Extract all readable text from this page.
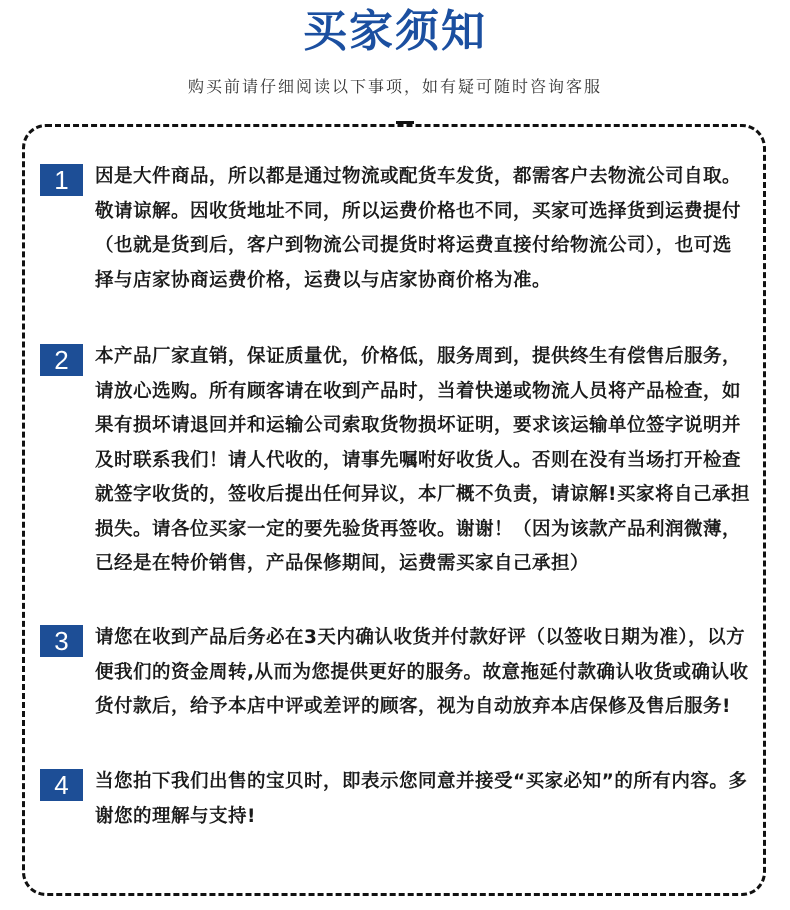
买家须知
购买前请仔细阅读以下事项，如有疑可随时咨询客服
1	因是大件商品，所以都是通过物流或配货车发货，都需客户去物流公司自取。敬请谅解。因收货地址不同，所以运费价格也不同，买家可选择货到运费提付（也就是货到后，客户到物流公司提货时将运费直接付给物流公司），也可选择与店家协商运费价格，运费以与店家协商价格为准。
2	本产品厂家直销，保证质量优，价格低，服务周到，提供终生有偿售后服务，请放心选购。所有顾客请在收到产品时，当着快递或物流人员将产品检查，如果有损坏请退回并和运输公司索取货物损坏证明，要求该运输单位签字说明并及时联系我们！请人代收的，请事先嘱咐好收货人。否则在没有当场打开检查就签字收货的，签收后提出任何异议，本厂概不负责，请谅解!买家将自己承担损失。请各位买家一定的要先验货再签收。谢谢！（因为该款产品利润微薄，已经是在特价销售，产品保修期间，运费需买家自己承担）
3	请您在收到产品后务必在3天内确认收货并付款好评（以签收日期为准），以方便我们的资金周转,从而为您提供更好的服务。故意拖延付款确认收货或确认收货付款后，给予本店中评或差评的顾客，视为自动放弃本店保修及售后服务!
4	当您拍下我们出售的宝贝时，即表示您同意并接受“买家必知”的所有内容。多谢您的理解与支持!
